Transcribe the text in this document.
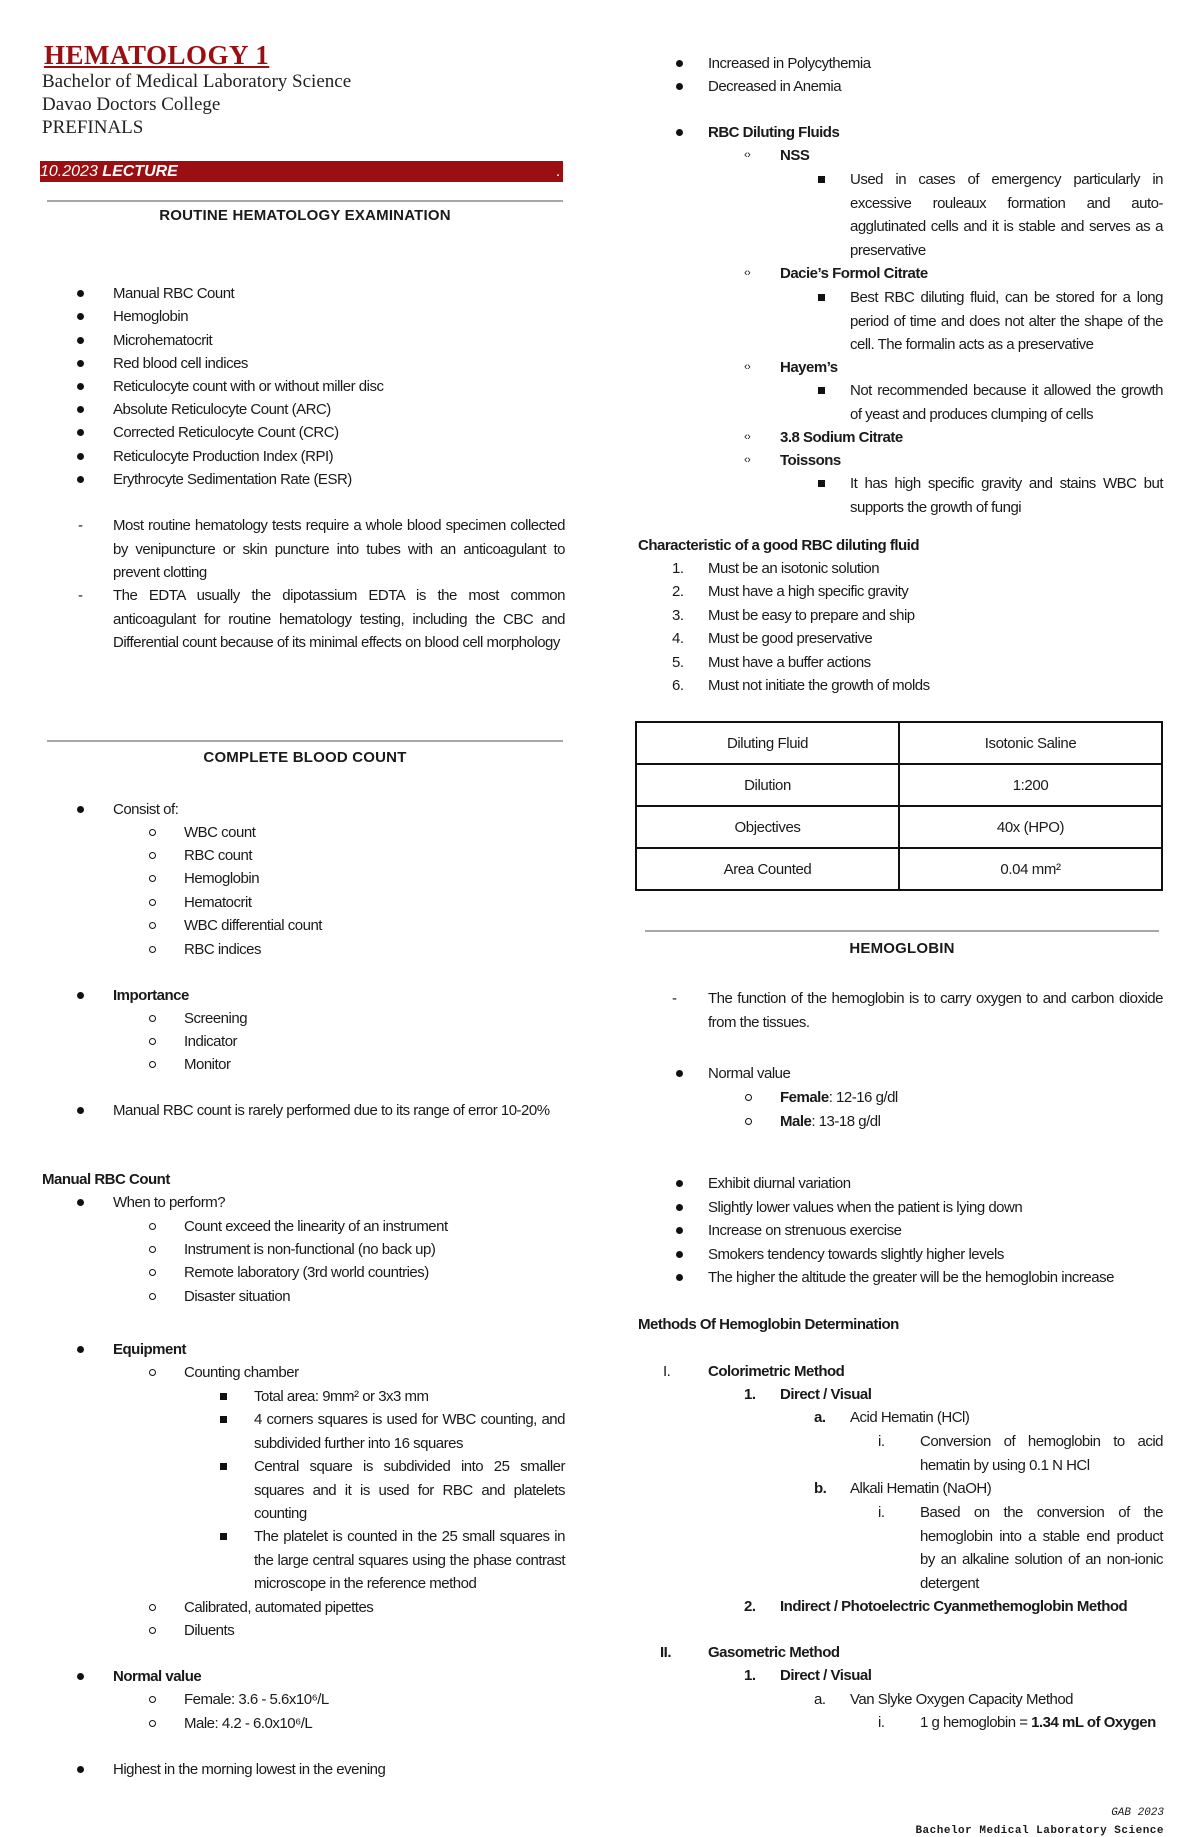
HEMATOLOGY 1
Bachelor of Medical Laboratory Science
Davao Doctors College
PREFINALS
10.2023 LECTURE	.
ROUTINE HEMATOLOGY EXAMINATION
Manual RBC Count
Hemoglobin
Microhematocrit
Red blood cell indices
Reticulocyte count with or without miller disc
Absolute Reticulocyte Count (ARC)
Corrected Reticulocyte Count (CRC)
Reticulocyte Production Index (RPI)
Erythrocyte Sedimentation Rate (ESR)
- Most routine hematology tests require a whole blood specimen collected by venipuncture or skin puncture into tubes with an anticoagulant to prevent clotting
- The EDTA usually the dipotassium EDTA is the most common anticoagulant for routine hematology testing, including the CBC and Differential count because of its minimal effects on blood cell morphology
COMPLETE BLOOD COUNT
Consist of:
WBC count
RBC count
Hemoglobin
Hematocrit
WBC differential count
RBC indices
Importance
Screening
Indicator
Monitor
Manual RBC count is rarely performed due to its range of error 10-20%
Manual RBC Count
When to perform?
Count exceed the linearity of an instrument
Instrument is non-functional (no back up)
Remote laboratory (3rd world countries)
Disaster situation
Equipment
Counting chamber
Total area: 9mm² or 3x3 mm
4 corners squares is used for WBC counting, and subdivided further into 16 squares
Central square is subdivided into 25 smaller squares and it is used for RBC and platelets counting
The platelet is counted in the 25 small squares in the large central squares using the phase contrast microscope in the reference method
Calibrated, automated pipettes
Diluents
Normal value
Female: 3.6 - 5.6x10⁶/L
Male: 4.2 - 6.0x10⁶/L
Highest in the morning lowest in the evening
Increased in Polycythemia
Decreased in Anemia
RBC Diluting Fluids
‹› NSS
Used in cases of emergency particularly in excessive rouleaux formation and auto-agglutinated cells and it is stable and serves as a preservative
‹› Dacie’s Formol Citrate
Best RBC diluting fluid, can be stored for a long period of time and does not alter the shape of the cell. The formalin acts as a preservative
‹› Hayem’s
Not recommended because it allowed the growth of yeast and produces clumping of cells
‹› 3.8 Sodium Citrate
‹› Toissons
It has high specific gravity and stains WBC but supports the growth of fungi
Characteristic of a good RBC diluting fluid
1. Must be an isotonic solution
2. Must have a high specific gravity
3. Must be easy to prepare and ship
4. Must be good preservative
5. Must have a buffer actions
6. Must not initiate the growth of molds
HEMOGLOBIN
- The function of the hemoglobin is to carry oxygen to and carbon dioxide from the tissues.
Normal value
Female: 12-16 g/dl
Male: 13-18 g/dl
Exhibit diurnal variation
Slightly lower values when the patient is lying down
Increase on strenuous exercise
Smokers tendency towards slightly higher levels
The higher the altitude the greater will be the hemoglobin increase
Methods Of Hemoglobin Determination
I.	Colorimetric Method
1. Direct / Visual
a. Acid Hematin (HCl)
i. Conversion of hemoglobin to acid hematin by using 0.1 N HCl
b. Alkali Hematin (NaOH)
i. Based on the conversion of the hemoglobin into a stable end product by an alkaline solution of an non-ionic detergent
2. Indirect / Photoelectric Cyanmethemoglobin Method
II. Gasometric Method
1. Direct / Visual
a. Van Slyke Oxygen Capacity Method
i. 1 g hemoglobin = 1.34 mL of Oxygen
Diluting Fluid	Isotonic Saline
Dilution	1:200
Objectives	40x (HPO)
Area Counted	0.04 mm²
GAB 2023
Bachelor Medical Laboratory Science
